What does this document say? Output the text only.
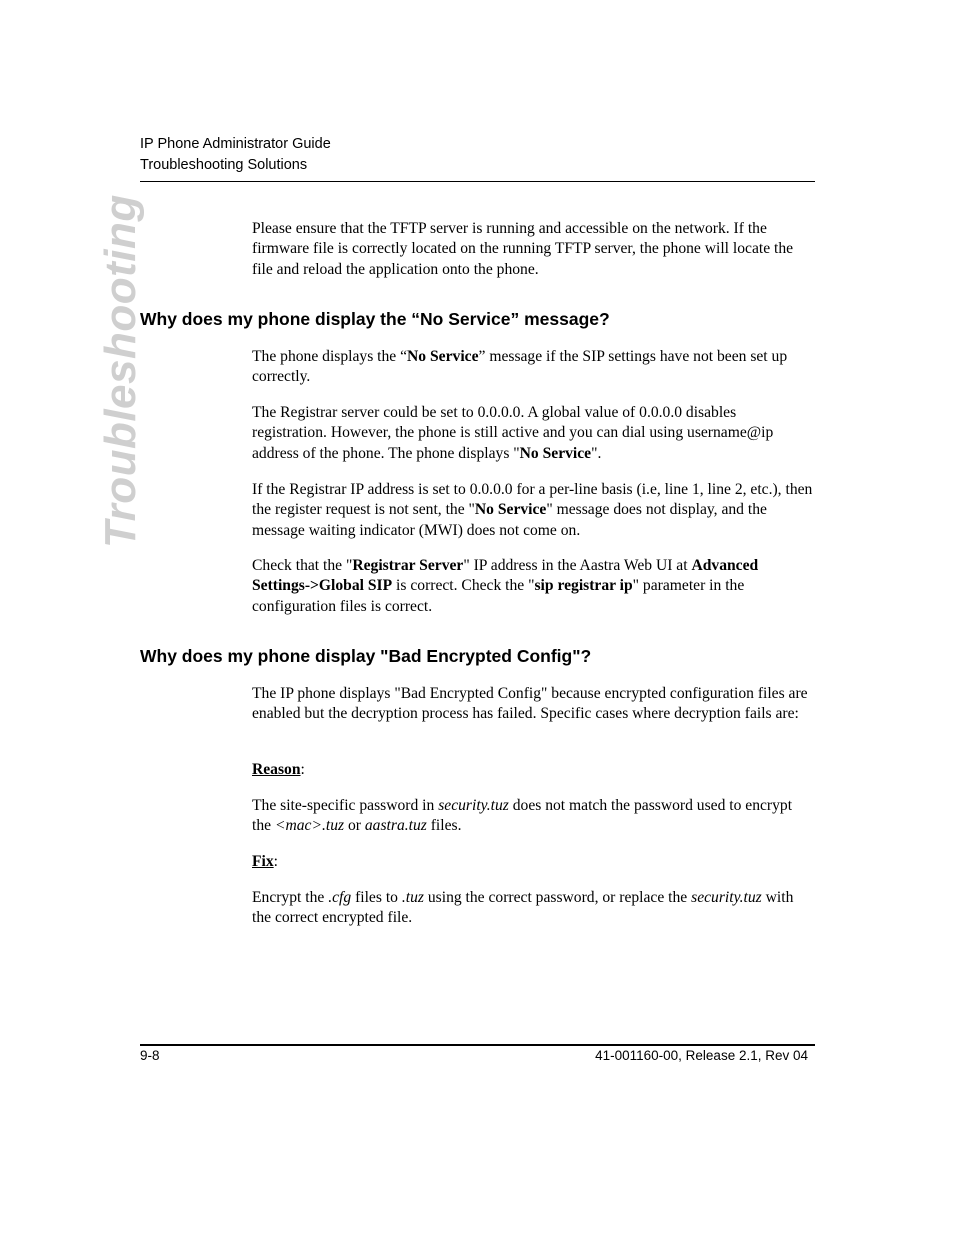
IP Phone Administrator Guide
Troubleshooting Solutions
Troubleshooting	Please ensure that the TFTP server is running and accessible on the network. If the firmware file is correctly located on the running TFTP server, the phone will locate the file and reload the application onto the phone.

Why does my phone display the “No Service” message?

The phone displays the “No Service” message if the SIP settings have not been set up correctly.

The Registrar server could be set to 0.0.0.0. A global value of 0.0.0.0 disables registration. However, the phone is still active and you can dial using username@ip address of the phone. The phone displays "No Service".

If the Registrar IP address is set to 0.0.0.0 for a per-line basis (i.e, line 1, line 2, etc.), then the register request is not sent, the "No Service" message does not display, and the message waiting indicator (MWI) does not come on.

Check that the "Registrar Server" IP address in the Aastra Web UI at Advanced Settings->Global SIP is correct. Check the "sip registrar ip" parameter in the configuration files is correct.

Why does my phone display "Bad Encrypted Config"?

The IP phone displays "Bad Encrypted Config" because encrypted configuration files are enabled but the decryption process has failed. Specific cases where decryption fails are:

Reason:

The site-specific password in security.tuz does not match the password used to encrypt the <mac>.tuz or aastra.tuz files.

Fix:

Encrypt the .cfg files to .tuz using the correct password, or replace the security.tuz with the correct encrypted file.

9-8	41-001160-00, Release 2.1, Rev 04
